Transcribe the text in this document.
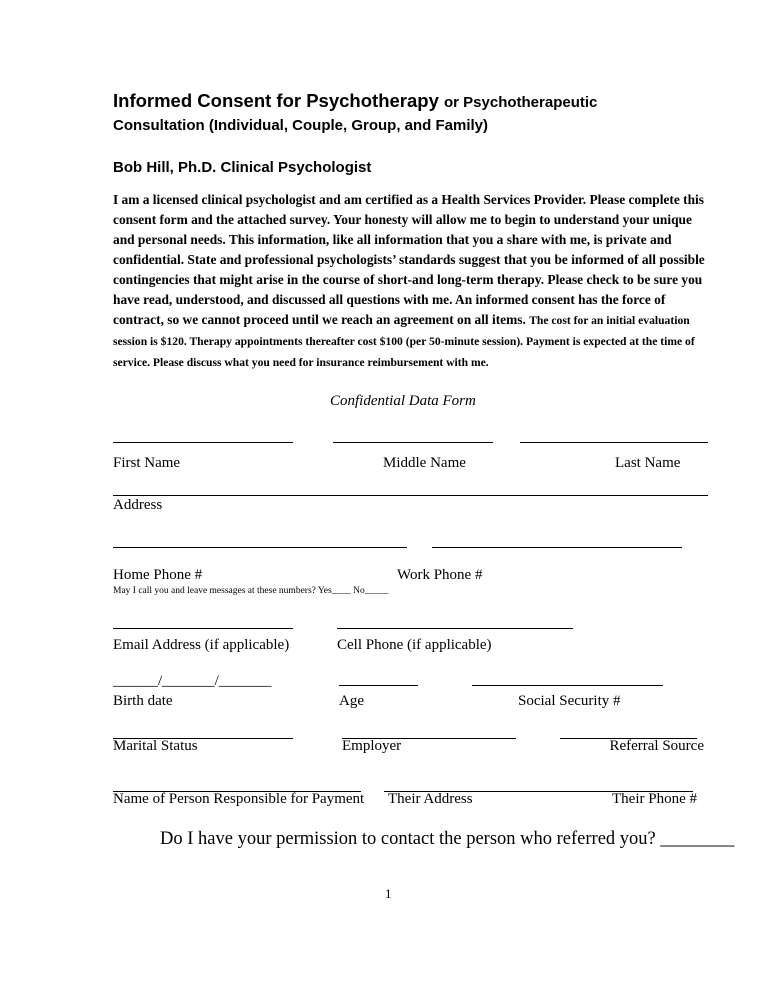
Informed Consent for Psychotherapy or Psychotherapeutic
Consultation (Individual, Couple, Group, and Family)
Bob Hill, Ph.D. Clinical Psychologist
I am a licensed clinical psychologist and am certified as a Health Services Provider. Please complete this consent form and the attached survey. Your honesty will allow me to begin to understand your unique and personal needs. This information, like all information that you a share with me, is private and confidential. State and professional psychologists’ standards suggest that you be informed of all possible contingencies that might arise in the course of short-and long-term therapy. Please check to be sure you have read, understood, and discussed all questions with me. An informed consent has the force of contract, so we cannot proceed until we reach an agreement on all items. The cost for an initial evaluation session is $120. Therapy appointments thereafter cost $100 (per 50-minute session). Payment is expected at the time of service. Please discuss what you need for insurance reimbursement with me.
Confidential Data Form
First Name	Middle Name	Last Name
Address
Home Phone #	Work Phone #
May I call you and leave messages at these numbers? Yes____ No_____
Email Address (if applicable)	Cell Phone (if applicable)
______/_______/_______
Birth date	Age	Social Security #
Marital Status	Employer	Referral Source
Name of Person Responsible for Payment Their Address	Their Phone #
Do I have your permission to contact the person who referred you? ________
1
